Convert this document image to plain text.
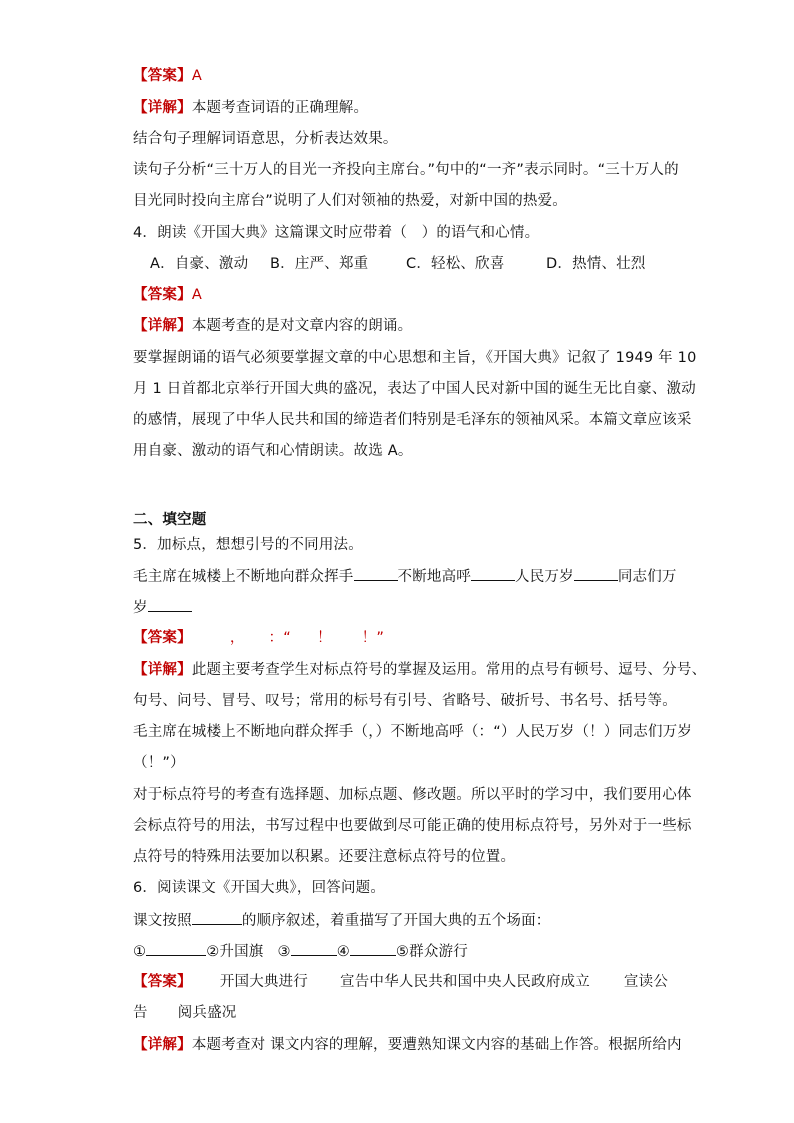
【答案】A
【详解】本题考查词语的正确理解。
结合句子理解词语意思，分析表达效果。
读句子分析“三十万人的目光一齐投向主席台。”句中的“一齐”表示同时。“三十万人的
目光同时投向主席台”说明了人们对领袖的热爱，对新中国的热爱。
4．朗读《开国大典》这篇课文时应带着（　）的语气和心情。
A．自豪、激动 B．庄严、郑重	C．轻松、欣喜	D．热情、壮烈
【答案】A
【详解】本题考查的是对文章内容的朗诵。
要掌握朗诵的语气必须要掌握文章的中心思想和主旨，《开国大典》记叙了 1949 年 10
月 1 日首都北京举行开国大典的盛况，表达了中国人民对新中国的诞生无比自豪、激动
的感情，展现了中华人民共和国的缔造者们特别是毛泽东的领袖风采。本篇文章应该采
用自豪、激动的语气和心情朗读。故选 A。
二、填空题
5．加标点，想想引号的不同用法。
毛主席在城楼上不断地向群众挥手	不断地高呼	人民万岁	同志们万
岁
【答案】	， ：“ ！ ！”
【详解】此题主要考查学生对标点符号的掌握及运用。常用的点号有顿号、逗号、分号、
句号、问号、冒号、叹号；常用的标号有引号、省略号、破折号、书名号、括号等。
毛主席在城楼上不断地向群众挥手（，）不断地高呼（：“）人民万岁（！）同志们万岁
（！”）
对于标点符号的考查有选择题、加标点题、修改题。所以平时的学习中，我们要用心体
会标点符号的用法，书写过程中也要做到尽可能正确的使用标点符号，另外对于一些标
点符号的特殊用法要加以积累。还要注意标点符号的位置。
6．阅读课文《开国大典》，回答问题。
课文按照	的顺序叙述，着重描写了开国大典的五个场面：
①	②升国旗 ③	④	⑤群众游行
【答案】 开国大典进行 宣告中华人民共和国中央人民政府成立 宣读公
告 阅兵盛况
【详解】本题考查对 课文内容的理解，要遭熟知课文内容的基础上作答。根据所给内
